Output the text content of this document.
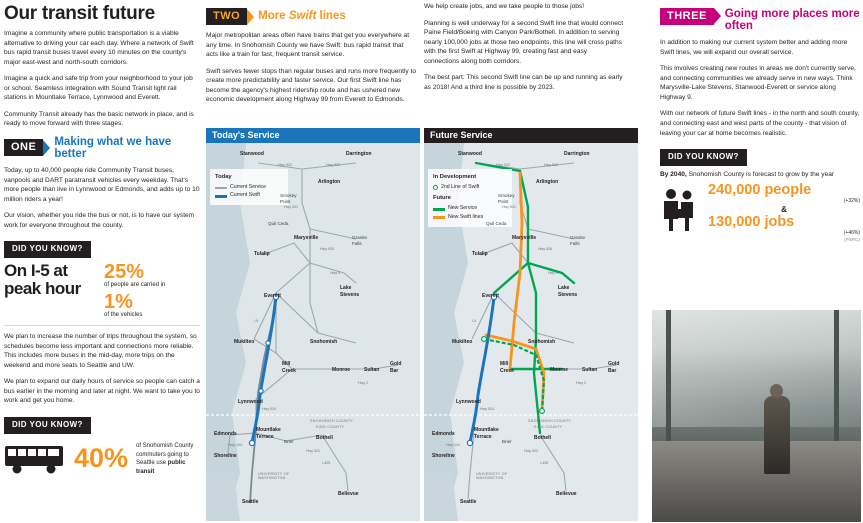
Our transit future

Imagine a community where public transportation is a viable alternative to driving your car each day. Where a network of Swift bus rapid transit buses travel every 10 minutes on the county's major east-west and north-south corridors.

Imagine a quick and safe trip from your neighborhood to your job or school. Seamless integration with Sound Transit light rail stations in Mountlake Terrace, Lynnwood and Everett.

Community Transit already has the basic network in place, and is ready to move forward with three stages.

ONE	Making what we have better

Today, up to 40,000 people ride Community Transit buses, vanpools and DART paratransit vehicles every weekday. That's more people than live in Lynnwood or Edmonds, and adds up to 10 million riders a year!

Our vision, whether you ride the bus or not, is to have our system work for everyone throughout the county.

DID YOU KNOW?
On I-5 at
peak hour
25%
of people are carried in
1%
of the vehicles

We plan to increase the number of trips throughout the system, so schedules become less important and connections more reliable. This includes more buses in the mid-day, more trips on the weekend and more seats to Seattle and UW.

We plan to expand our daily hours of service so people can catch a bus earlier in the morning and later at night. We want to take you to work and get you home.

DID YOU KNOW?
40% of Snohomish County commuters going to Seattle use public transit
TWO	More Swift lines

Major metropolitan areas often have trains that get you everywhere at any time. In Snohomish County we have Swift: bus rapid transit that acts like a train for fast, frequent transit service.

Swift serves fewer stops than regular buses and runs more frequently to create more predictability and faster service. Our first Swift line has become the agency's highest ridership route and has ushered new economic development along Highway 99 from Everett to Edmonds.

We help create jobs, and we take people to those jobs!

Planning is well underway for a second Swift line that would connect Paine Field/Boeing with Canyon Park/Bothell. In addition to serving nearly 100,000 jobs at those two endpoints, this line will cross paths with the first Swift at Highway 99, creating fast and easy connections along both corridors.

The best part: This second Swift line can be up and running as early as 2018! And a third line is possible by 2023.

THREE	Going more places more often

In addition to making our current system better and adding more Swift lines, we will expand our overall service.

This involves creating new routes in areas we don't currently serve, and connecting communities we already serve in new ways. Think Marysville-Lake Stevens, Stanwood-Everett or service along Highway 9.

With our network of future Swift lines - in the north and south county, and connecting east and west parts of the county - that vision of leaving your car at home becomes realistic.

DID YOU KNOW?
By 2040, Snohomish County is forecast to grow by the year
240,000 people
(+32%)
&
130,000 jobs
(+46%)
(PSRC)
Today's Service
Today
Current Service
Current Swift
Stanwood	Darrington
Arlington
Smokey Point
Quil Ceda
Marysville	Granite Falls
Tulalip
Lake Stevens
Everett
Mukilteo	Snohomish
Mill Creek	Monroe	Sultan
Gold Bar
Lynnwood
Edmonds
Mountlake Terrace
Brier
Bothell
Shoreline
Bellevue
Seattle
Hwy 532	Hwy 530
Hwy 531
Hwy 528
Hwy 9
Hwy 2
Hwy 524
Hwy 104
Hwy 522
I-5
I-405
SNOHOMISH COUNTY
KING COUNTY
UNIVERSITY OF WASHINGTON
Future Service
In Development
2nd Line of Swift
Future
New Service
New Swift lines
Stanwood	Darrington
Arlington
Smokey Point
Quil Ceda
Marysville	Granite Falls
Tulalip
Lake Stevens
Everett
Mukilteo	Snohomish
Mill Creek	Monroe	Sultan
Gold Bar
Lynnwood
Edmonds
Mountlake Terrace
Brier
Bothell
Shoreline
Bellevue
Seattle
Hwy 532	Hwy 530
Hwy 531
Hwy 528
Hwy 9
Hwy 2
Hwy 524
Hwy 104
Hwy 522
I-5
I-405
SNOHOMISH COUNTY
KING COUNTY
UNIVERSITY OF WASHINGTON
